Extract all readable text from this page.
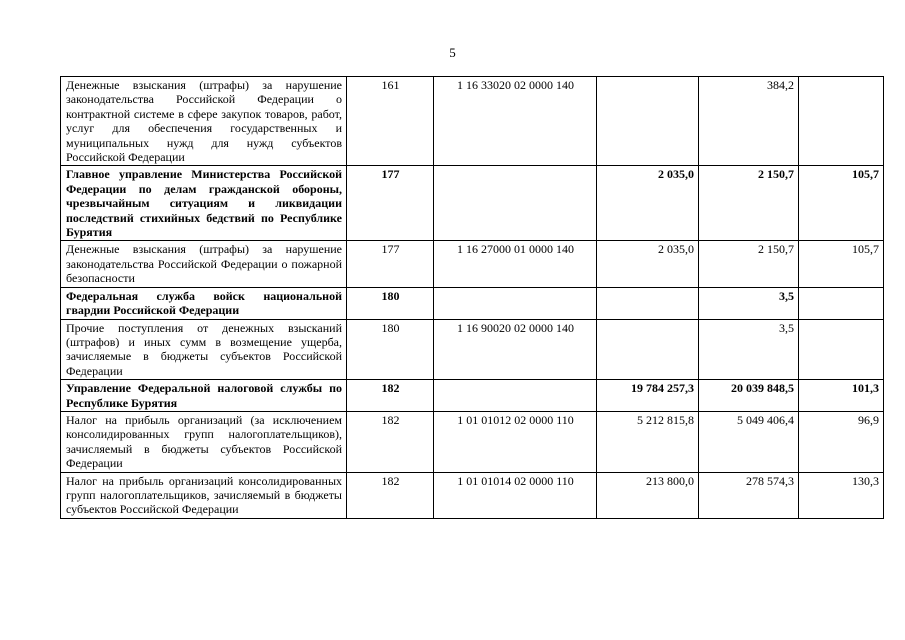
5
Денежные взыскания (штрафы) за нарушение законодательства Российской Федерации о контрактной системе в сфере закупок товаров, работ, услуг для обеспечения государственных и муниципальных нужд для нужд субъектов Российской Федерации	161	1 16 33020 02 0000 140		384,2	
Главное управление Министерства Российской Федерации по делам гражданской обороны, чрезвычайным ситуациям и ликвидации последствий стихийных бедствий по Республике Бурятия	177		2 035,0	2 150,7	105,7
Денежные взыскания (штрафы) за нарушение законодательства Российской Федерации о пожарной безопасности	177	1 16 27000 01 0000 140	2 035,0	2 150,7	105,7
Федеральная служба войск национальной гвардии Российской Федерации	180			3,5	
Прочие поступления от денежных взысканий (штрафов) и иных сумм в возмещение ущерба, зачисляемые в бюджеты субъектов Российской Федерации	180	1 16 90020 02 0000 140		3,5	
Управление Федеральной налоговой службы по Республике Бурятия	182		19 784 257,3	20 039 848,5	101,3
Налог на прибыль организаций (за исключением консолидированных групп налогоплательщиков), зачисляемый в бюджеты субъектов Российской Федерации	182	1 01 01012 02 0000 110	5 212 815,8	5 049 406,4	96,9
Налог на прибыль организаций консолидированных групп налогоплательщиков, зачисляемый в бюджеты субъектов Российской Федерации	182	1 01 01014 02 0000 110	213 800,0	278 574,3	130,3
